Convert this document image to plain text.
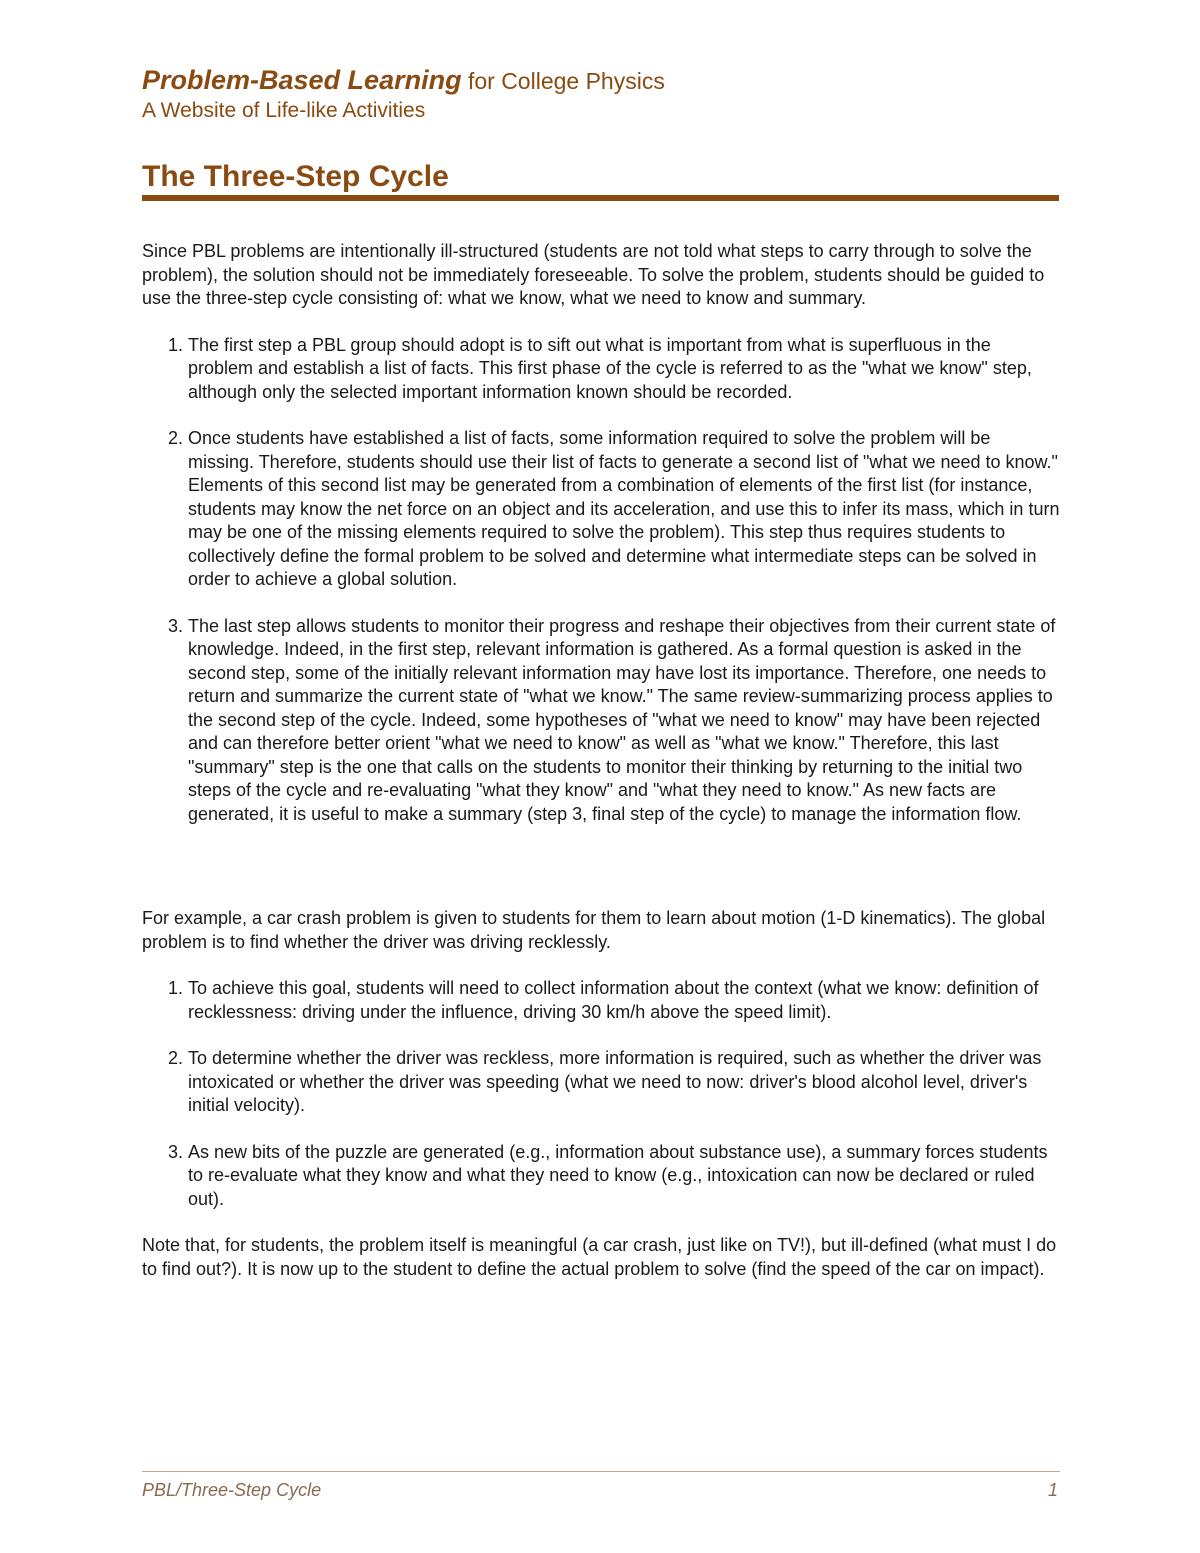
Problem-Based Learning for College Physics
A Website of Life-like Activities
The Three-Step Cycle

Since PBL problems are intentionally ill-structured (students are not told what steps to carry through to solve the problem), the solution should not be immediately foreseeable. To solve the problem, students should be guided to use the three-step cycle consisting of: what we know, what we need to know and summary.

1. The first step a PBL group should adopt is to sift out what is important from what is superfluous in the problem and establish a list of facts. This first phase of the cycle is referred to as the "what we know" step, although only the selected important information known should be recorded.
2. Once students have established a list of facts, some information required to solve the problem will be missing. Therefore, students should use their list of facts to generate a second list of "what we need to know." Elements of this second list may be generated from a combination of elements of the first list (for instance, students may know the net force on an object and its acceleration, and use this to infer its mass, which in turn may be one of the missing elements required to solve the problem). This step thus requires students to collectively define the formal problem to be solved and determine what intermediate steps can be solved in order to achieve a global solution.
3. The last step allows students to monitor their progress and reshape their objectives from their current state of knowledge. Indeed, in the first step, relevant information is gathered. As a formal question is asked in the second step, some of the initially relevant information may have lost its importance. Therefore, one needs to return and summarize the current state of "what we know." The same review-summarizing process applies to the second step of the cycle. Indeed, some hypotheses of "what we need to know" may have been rejected and can therefore better orient "what we need to know" as well as "what we know." Therefore, this last "summary" step is the one that calls on the students to monitor their thinking by returning to the initial two steps of the cycle and re-evaluating "what they know" and "what they need to know." As new facts are generated, it is useful to make a summary (step 3, final step of the cycle) to manage the information flow.

For example, a car crash problem is given to students for them to learn about motion (1-D kinematics). The global problem is to find whether the driver was driving recklessly.

1. To achieve this goal, students will need to collect information about the context (what we know: definition of recklessness: driving under the influence, driving 30 km/h above the speed limit).
2. To determine whether the driver was reckless, more information is required, such as whether the driver was intoxicated or whether the driver was speeding (what we need to now: driver's blood alcohol level, driver's initial velocity).
3. As new bits of the puzzle are generated (e.g., information about substance use), a summary forces students to re-evaluate what they know and what they need to know (e.g., intoxication can now be declared or ruled out).

Note that, for students, the problem itself is meaningful (a car crash, just like on TV!), but ill-defined (what must I do to find out?). It is now up to the student to define the actual problem to solve (find the speed of the car on impact).

PBL/Three-Step Cycle	1
